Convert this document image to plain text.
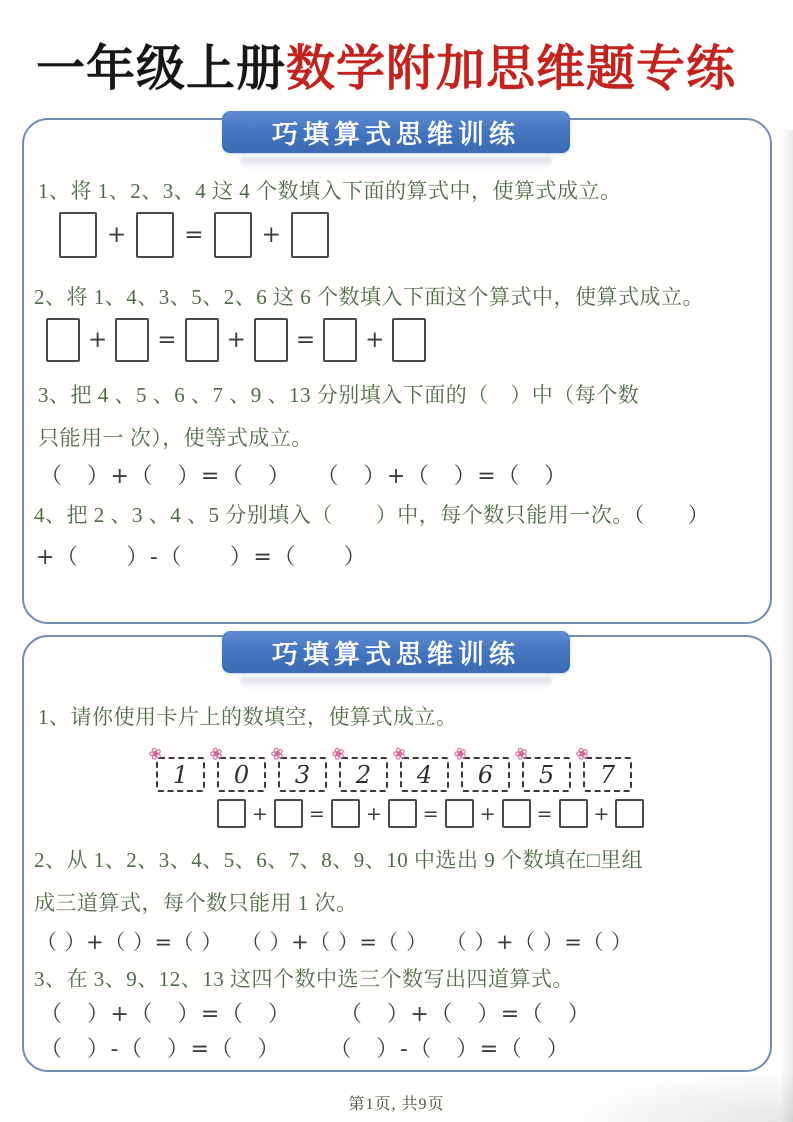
一年级上册数学附加思维题专练
巧填算式思维训练
1、将 1、2、3、4 这 4 个数填入下面的算式中，使算式成立。
+	=	+
2、将 1、4、3、5、2、6 这 6 个数填入下面这个算式中，使算式成立。
+ = + = +
3、把 4 、5 、6 、7 、9 、13 分别填入下面的（　）中（每个数
只能用一 次），使等式成立。
（　）+（　）=（　）　　（　）+（　）=（　）
4、把 2 、3 、4 、5 分别填入（　　）中，每个数只能用一次。（　　）
+（　　）-（　　）=（　　）
巧填算式思维训练
1、请你使用卡片上的数填空，使算式成立。
❀
1
❀
0
❀
3
❀
2
❀
4
❀
6
❀
5
❀
7
+ = + = + = +
2、从 1、2、3、4、5、6、7、8、9、10 中选出 9 个数填在□里组
成三道算式，每个数只能用 1 次。
（ ）+（ ）=（ ）　 （ ）+（ ）=（ ）　 （ ）+（ ）=（ ）
3、在 3、9、12、13 这四个数中选三个数写出四道算式。
（　）+（　）=（　）　　　（　）+（　）=（　）
（　）-（　）=（　）　　　（　）-（　）=（　）
第1页, 共9页
